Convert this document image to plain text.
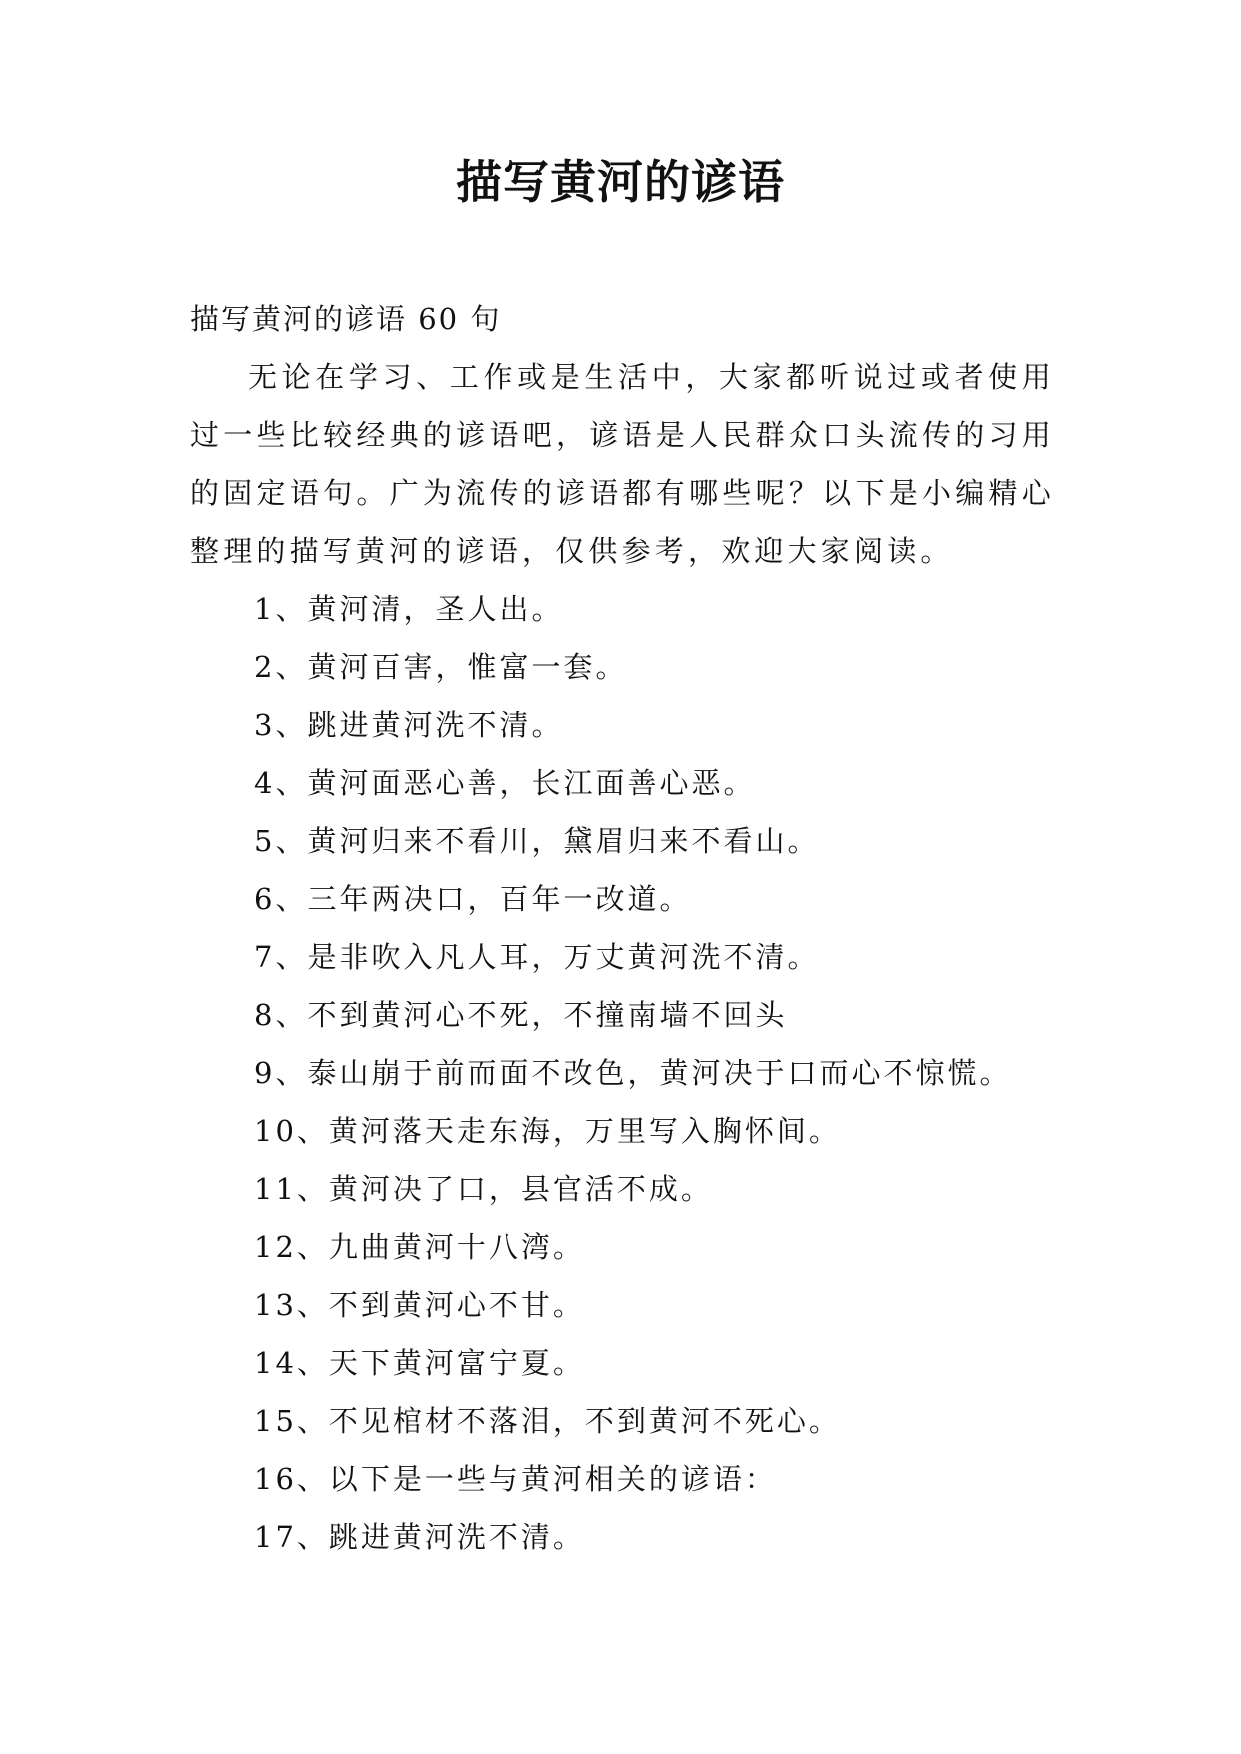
描写黄河的谚语

描写黄河的谚语 60 句

无论在学习、工作或是生活中，大家都听说过或者使用过一些比较经典的谚语吧，谚语是人民群众口头流传的习用的固定语句。广为流传的谚语都有哪些呢？以下是小编精心整理的描写黄河的谚语，仅供参考，欢迎大家阅读。

1、黄河清，圣人出。
2、黄河百害，惟富一套。
3、跳进黄河洗不清。
4、黄河面恶心善，长江面善心恶。
5、黄河归来不看川，黛眉归来不看山。
6、三年两决口，百年一改道。
7、是非吹入凡人耳，万丈黄河洗不清。
8、不到黄河心不死，不撞南墙不回头
9、泰山崩于前而面不改色，黄河决于口而心不惊慌。
10、黄河落天走东海，万里写入胸怀间。
11、黄河决了口，县官活不成。
12、九曲黄河十八湾。
13、不到黄河心不甘。
14、天下黄河富宁夏。
15、不见棺材不落泪，不到黄河不死心。
16、以下是一些与黄河相关的谚语：
17、跳进黄河洗不清。
